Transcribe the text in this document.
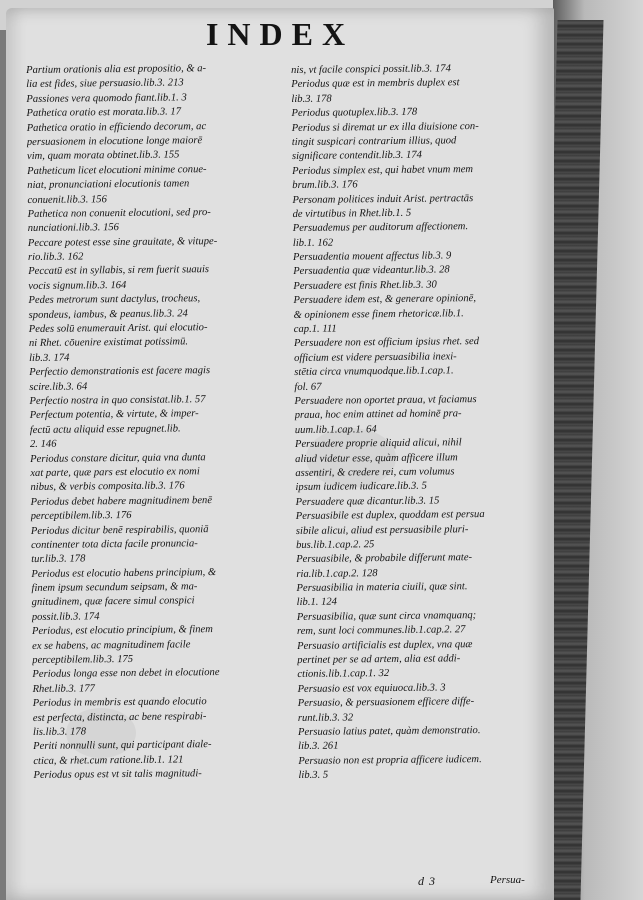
INDEX
Partium orationis alia est propositio, & a-
lia est fides, siue persuasio.lib.3. 213
Passiones vera quomodo fiant.lib.1. 3
Pathetica oratio est morata.lib.3. 17
Pathetica oratio in efficiendo decorum, ac
persuasionem in elocutione longe maiorē
vim, quam morata obtinet.lib.3. 155
Patheticum licet elocutioni minime conue-
niat, pronunciationi elocutionis tamen
conuenit.lib.3. 156
Pathetica non conuenit elocutioni, sed pro-
nunciationi.lib.3. 156
Peccare potest esse sine grauitate, & vitupe-
rio.lib.3. 162
Peccatū est in syllabis, si rem fuerit suauis
vocis signum.lib.3. 164
Pedes metrorum sunt dactylus, trocheus,
spondeus, iambus, & peanus.lib.3. 24
Pedes solū enumerauit Arist. qui elocutio-
ni Rhet. cōuenire existimat potissimū.
lib.3. 174
Perfectio demonstrationis est facere magis
scire.lib.3. 64
Perfectio nostra in quo consistat.lib.1. 57
Perfectum potentia, & virtute, & imper-
fectū actu aliquid esse repugnet.lib.
2. 146
Periodus constare dicitur, quia vna dunta
xat parte, quæ pars est elocutio ex nomi
nibus, & verbis composita.lib.3. 176
Periodus debet habere magnitudinem benē
perceptibilem.lib.3. 176
Periodus dicitur benē respirabilis, quoniā
continenter tota dicta facile pronuncia-
tur.lib.3. 178
Periodus est elocutio habens principium, &
finem ipsum secundum seipsam, & ma-
gnitudinem, quæ facere simul conspici
possit.lib.3. 174
Periodus, est elocutio principium, & finem
ex se habens, ac magnitudinem facile
perceptibilem.lib.3. 175
Periodus longa esse non debet in elocutione
Rhet.lib.3. 177
Periodus in membris est quando elocutio
est perfecta, distincta, ac bene respirabi-
lis.lib.3. 178
Periti nonnulli sunt, qui participant diale-
ctica, & rhet.cum ratione.lib.1. 121
Periodus opus est vt sit talis magnitudi-
nis, vt facile conspici possit.lib.3. 174
Periodus quæ est in membris duplex est
lib.3. 178
Periodus quotuplex.lib.3. 178
Periodus si diremat ur ex illa diuisione con-
tingit suspicari contrarium illius, quod
significare contendit.lib.3. 174
Periodus simplex est, qui habet vnum mem
brum.lib.3. 176
Personam politices induit Arist. pertractās
de virtutibus in Rhet.lib.1. 5
Persuademus per auditorum affectionem.
lib.1. 162
Persuadentia mouent affectus lib.3. 9
Persuadentia quæ videantur.lib.3. 28
Persuadere est finis Rhet.lib.3. 30
Persuadere idem est, & generare opinionē,
& opinionem esse finem rhetoricæ.lib.1.
cap.1. 111
Persuadere non est officium ipsius rhet. sed
officium est videre persuasibilia inexi-
stētia circa vnumquodque.lib.1.cap.1.
fol. 67
Persuadere non oportet praua, vt faciamus
praua, hoc enim attinet ad hominē pra-
uum.lib.1.cap.1. 64
Persuadere proprie aliquid alicui, nihil
aliud videtur esse, quàm afficere illum
assentiri, & credere rei, cum volumus
ipsum iudicem iudicare.lib.3. 5
Persuadere quæ dicantur.lib.3. 15
Persuasibile est duplex, quoddam est persua
sibile alicui, aliud est persuasibile pluri-
bus.lib.1.cap.2. 25
Persuasibile, & probabile differunt mate-
ria.lib.1.cap.2. 128
Persuasibilia in materia ciuili, quæ sint.
lib.1. 124
Persuasibilia, quæ sunt circa vnamquanq;
rem, sunt loci communes.lib.1.cap.2. 27
Persuasio artificialis est duplex, vna quæ
pertinet per se ad artem, alia est addi-
ctionis.lib.1.cap.1. 32
Persuasio est vox equiuoca.lib.3. 3
Persuasio, & persuasionem efficere diffe-
runt.lib.3. 32
Persuasio latius patet, quàm demonstratio.
lib.3. 261
Persuasio non est propria afficere iudicem.
lib.3. 5
d 3	Persua-
